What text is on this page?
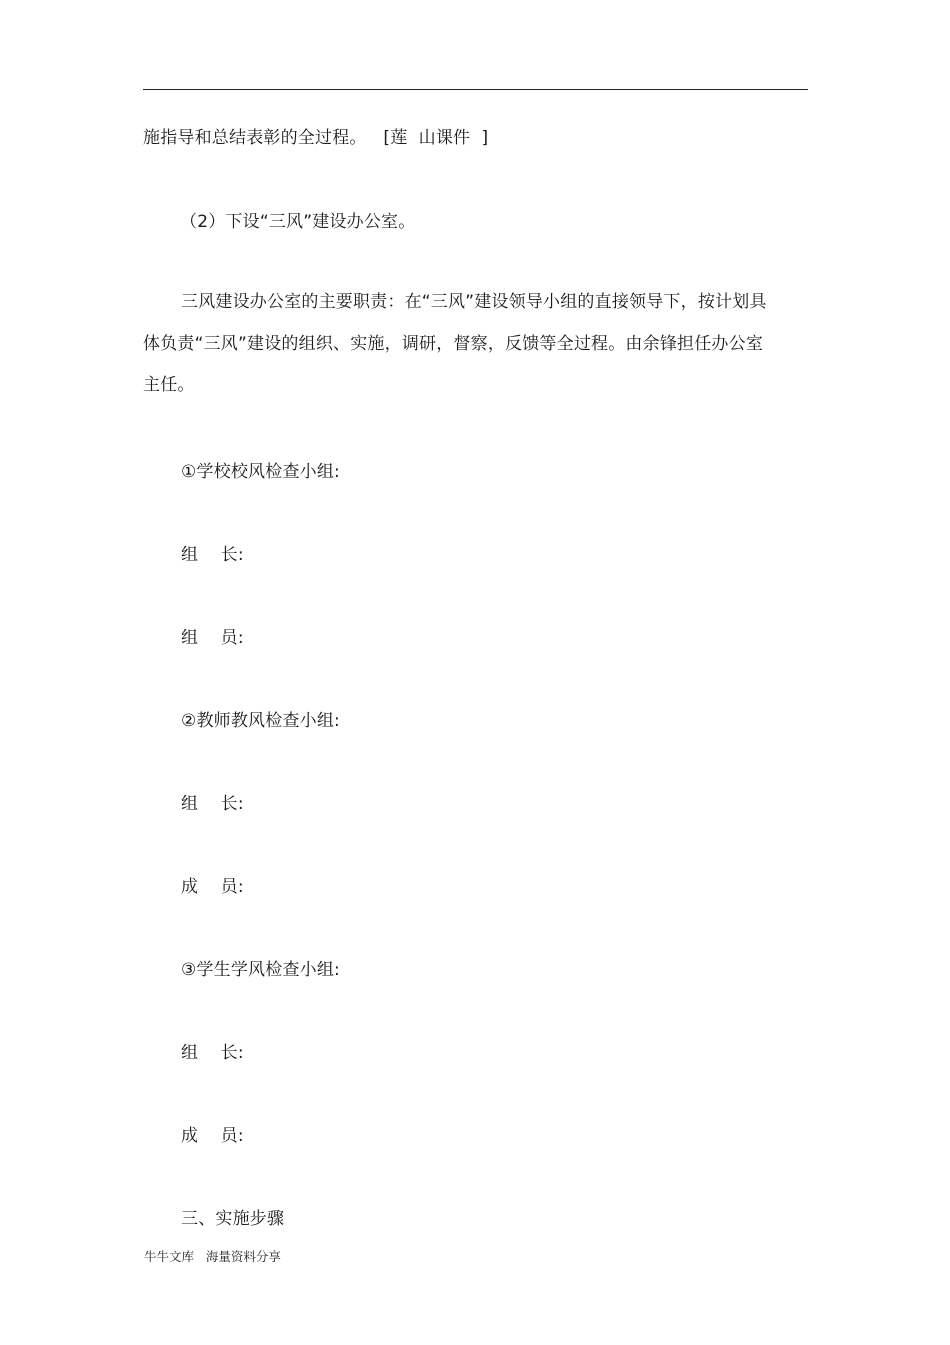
施指导和总结表彰的全过程。   [莲  山课件  ]
（2）下设“三风”建设办公室。
三风建设办公室的主要职责：在“三风”建设领导小组的直接领导下，按计划具体负责“三风”建设的组织、实施，调研，督察，反馈等全过程。由余锋担任办公室主任。
①学校校风检查小组:
组    长:
组    员:
②教师教风检查小组:
组    长:
成    员:
③学生学风检查小组:
组    长:
成    员:
三、实施步骤
牛牛文库   海量资料分享
